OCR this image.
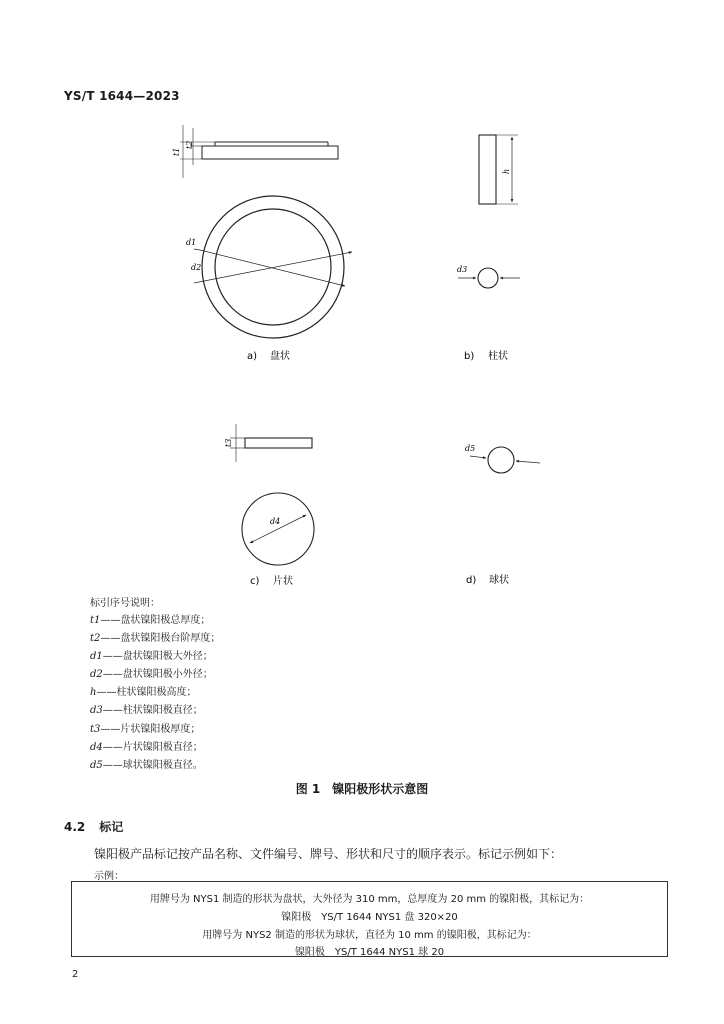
YS/T 1644—2023
t1
t2
d1
d2
h
d3
t3
d4
d5
a) 盘状	b) 柱状
c) 片状	d) 球状
标引序号说明：
t1——盘状镍阳极总厚度；
t2——盘状镍阳极台阶厚度；
d1——盘状镍阳极大外径；
d2——盘状镍阳极小外径；
h——柱状镍阳极高度；
d3——柱状镍阳极直径；
t3——片状镍阳极厚度；
d4——片状镍阳极直径；
d5——球状镍阳极直径。
图 1　镍阳极形状示意图
4.2 标记
镍阳极产品标记按产品名称、文件编号、牌号、形状和尺寸的顺序表示。标记示例如下：
示例：
用牌号为 NYS1 制造的形状为盘状，大外径为 310 mm，总厚度为 20 mm 的镍阳极，其标记为：
镍阳极　YS/T 1644 NYS1 盘 320×20
用牌号为 NYS2 制造的形状为球状，直径为 10 mm 的镍阳极，其标记为：
镍阳极　YS/T 1644 NYS1 球 20
2
